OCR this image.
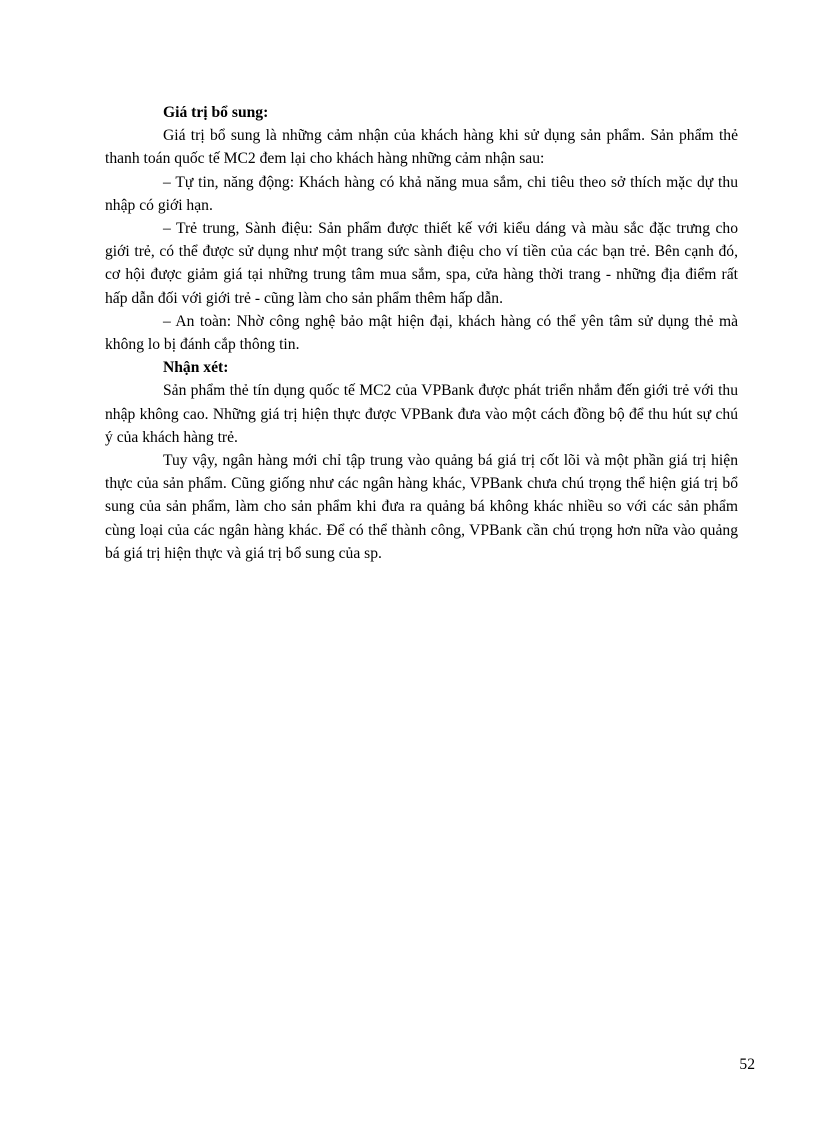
Giá trị bổ sung:

Giá trị bổ sung là những cảm nhận của khách hàng khi sử dụng sản phẩm. Sản phẩm thẻ thanh toán quốc tế MC2 đem lại cho khách hàng những cảm nhận sau:

– Tự tin, năng động: Khách hàng có khả năng mua sắm, chi tiêu theo sở thích mặc dự thu nhập có giới hạn.

– Trẻ trung, Sành điệu: Sản phẩm được thiết kế với kiểu dáng và màu sắc đặc trưng cho giới trẻ, có thể được sử dụng như một trang sức sành điệu cho ví tiền của các bạn trẻ. Bên cạnh đó, cơ hội được giảm giá tại những trung tâm mua sắm, spa, cửa hàng thời trang - những địa điểm rất hấp dẫn đối với giới trẻ - cũng làm cho sản phẩm thêm hấp dẫn.

– An toàn: Nhờ công nghệ bảo mật hiện đại, khách hàng có thể yên tâm sử dụng thẻ mà không lo bị đánh cắp thông tin.

Nhận xét:

Sản phẩm thẻ tín dụng quốc tế MC2 của VPBank được phát triển nhắm đến giới trẻ với thu nhập không cao. Những giá trị hiện thực được VPBank đưa vào một cách đồng bộ để thu hút sự chú ý của khách hàng trẻ.

Tuy vậy, ngân hàng mới chỉ tập trung vào quảng bá giá trị cốt lõi và một phần giá trị hiện thực của sản phẩm. Cũng giống như các ngân hàng khác, VPBank chưa chú trọng thể hiện giá trị bổ sung của sản phẩm, làm cho sản phẩm khi đưa ra quảng bá không khác nhiều so với các sản phẩm cùng loại của các ngân hàng khác. Để có thể thành công, VPBank cần chú trọng hơn nữa vào quảng bá giá trị hiện thực và giá trị bổ sung của sp.

52
